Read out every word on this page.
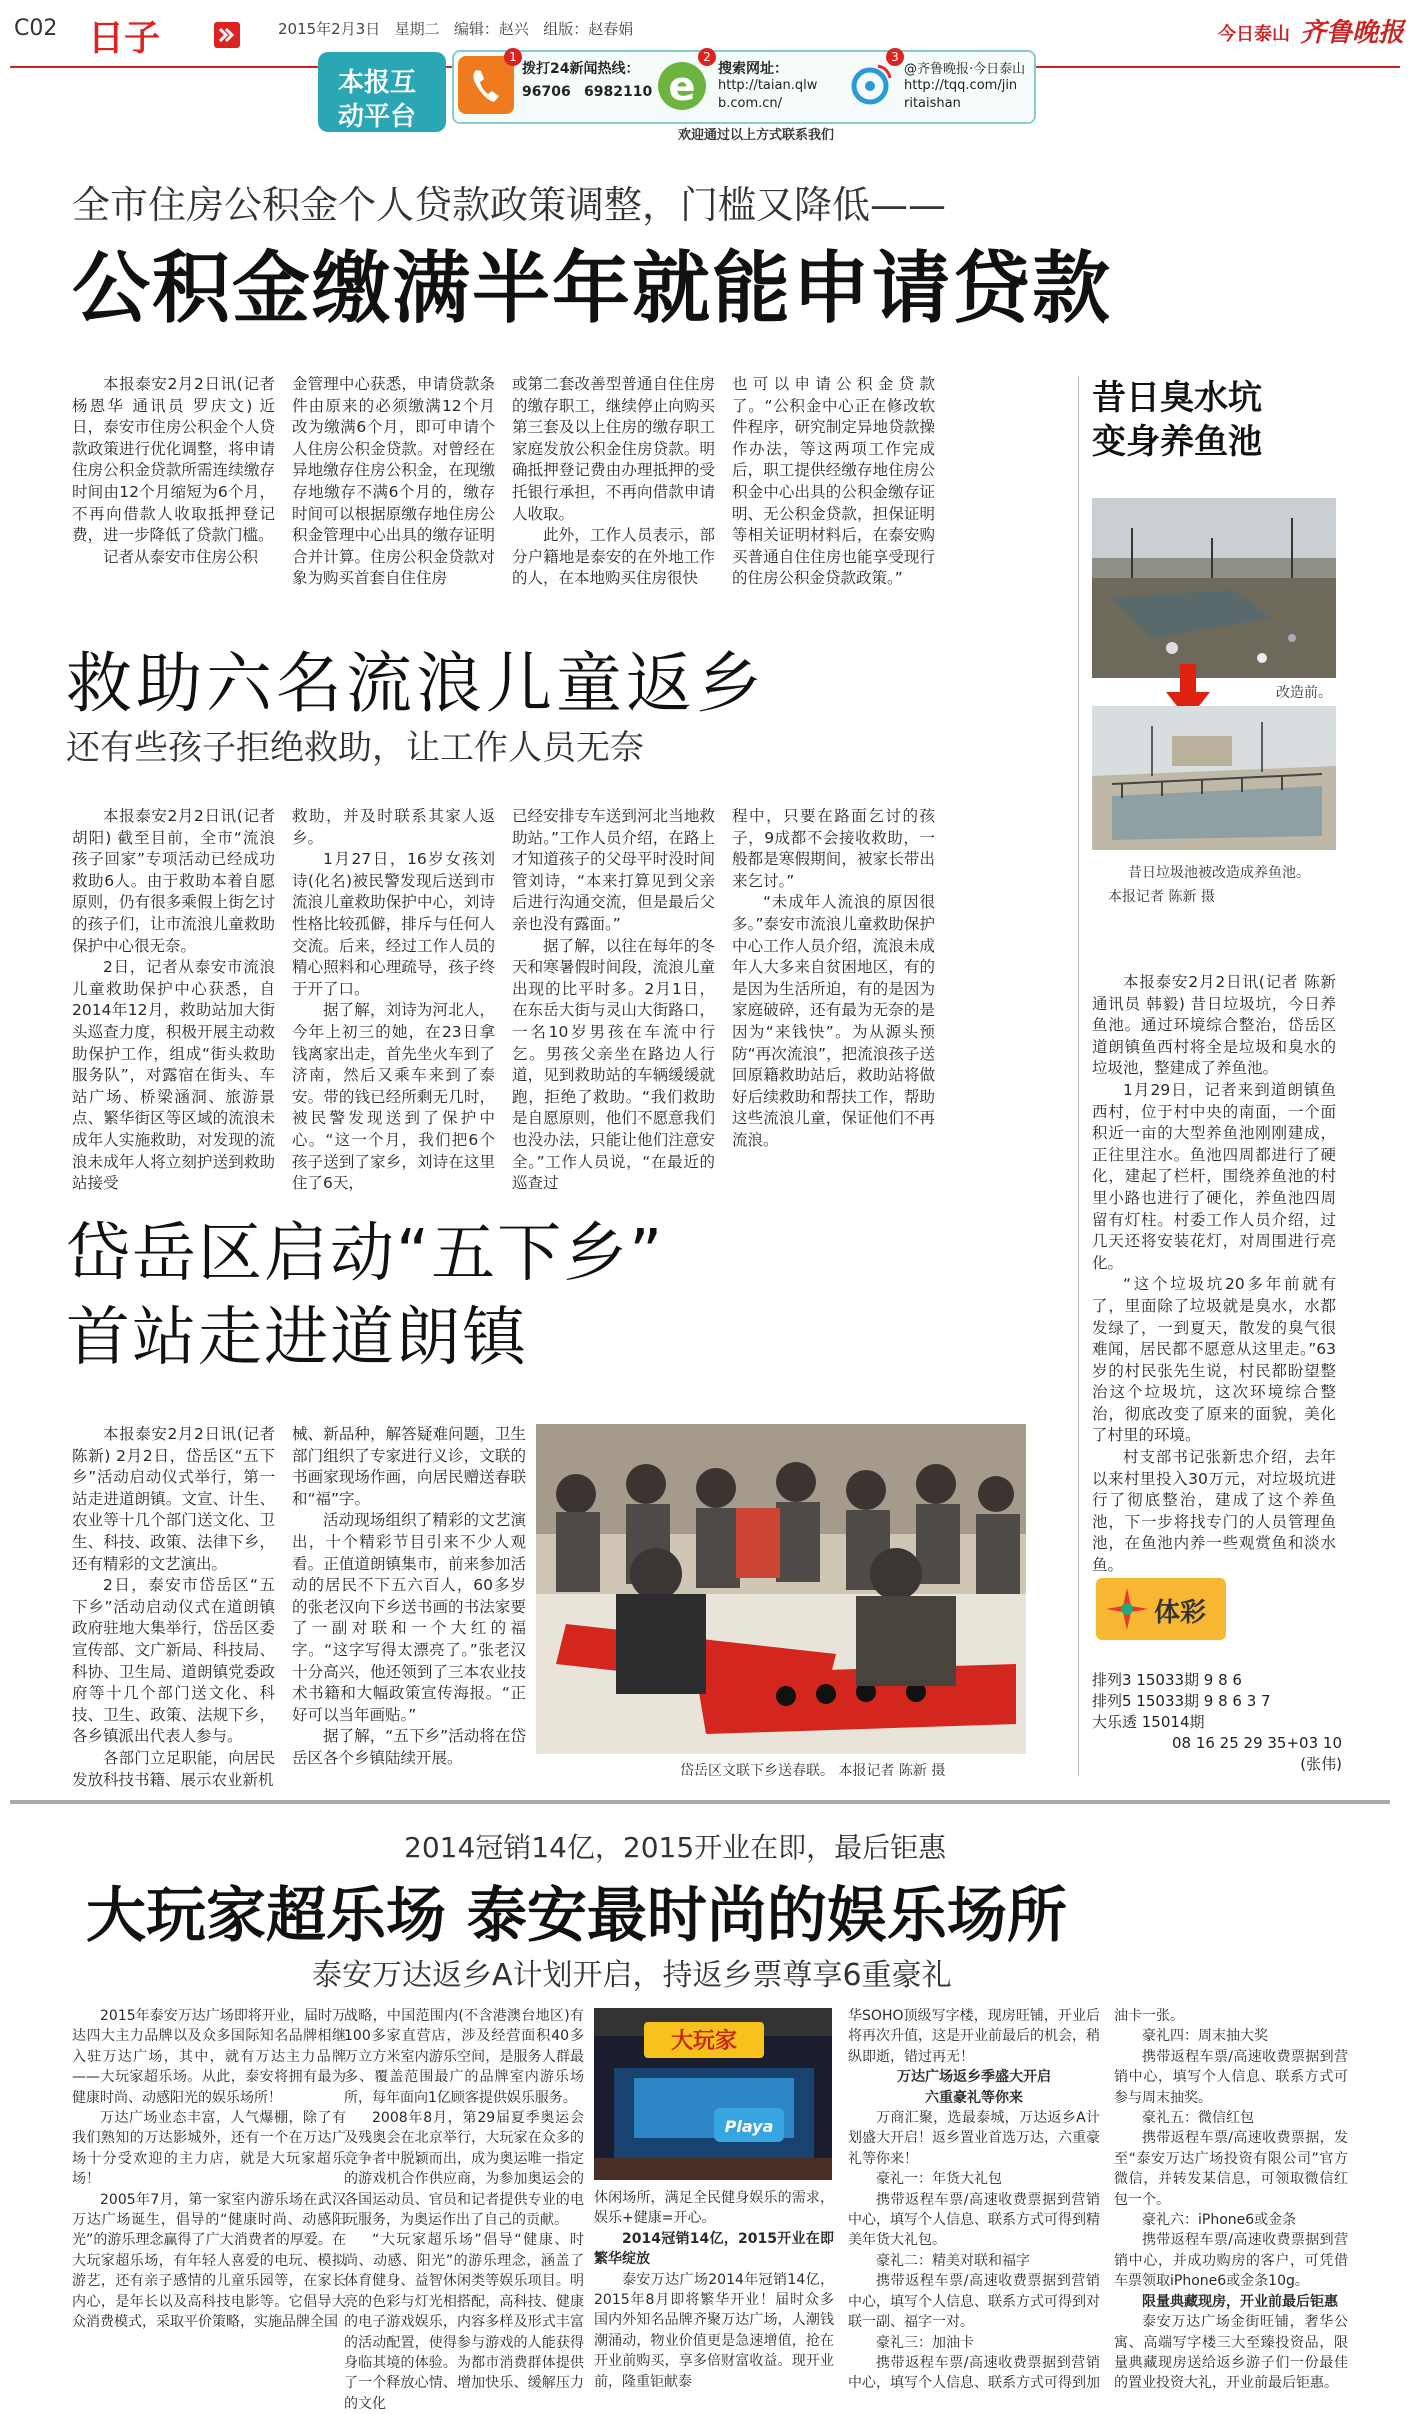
C02 日子	2015年2月3日 星期二 编辑：赵兴 组版：赵春娟	今日泰山 齐鲁晚报
本报互
动平台
1
拨打24新闻热线：
96706 6982110 e
2
搜索网址：
http://taian.qlw
b.com.cn/
3
@齐鲁晚报·今日泰山
http://tqq.com/jin
ritaishan
欢迎通过以上方式联系我们
全市住房公积金个人贷款政策调整，门槛又降低——
公积金缴满半年就能申请贷款

本报泰安2月2日讯(记者 杨恩华 通讯员 罗庆文) 近日，泰安市住房公积金个人贷款政策进行优化调整，将申请住房公积金贷款所需连续缴存时间由12个月缩短为6个月，不再向借款人收取抵押登记费，进一步降低了贷款门槛。

记者从泰安市住房公积

金管理中心获悉，申请贷款条件由原来的必须缴满12个月改为缴满6个月，即可申请个人住房公积金贷款。对曾经在异地缴存住房公积金，在现缴存地缴存不满6个月的，缴存时间可以根据原缴存地住房公积金管理中心出具的缴存证明合并计算。住房公积金贷款对象为购买首套自住住房

或第二套改善型普通自住住房的缴存职工，继续停止向购买第三套及以上住房的缴存职工家庭发放公积金住房贷款。明确抵押登记费由办理抵押的受托银行承担，不再向借款申请人收取。

此外，工作人员表示，部分户籍地是泰安的在外地工作的人，在本地购买住房很快

也可以申请公积金贷款了。“公积金中心正在修改软件程序，研究制定异地贷款操作办法，等这两项工作完成后，职工提供经缴存地住房公积金中心出具的公积金缴存证明、无公积金贷款，担保证明等相关证明材料后，在泰安购买普通自住住房也能享受现行的住房公积金贷款政策。”

救助六名流浪儿童返乡
还有些孩子拒绝救助，让工作人员无奈

本报泰安2月2日讯(记者 胡阳) 截至目前，全市“流浪孩子回家”专项活动已经成功救助6人。由于救助本着自愿原则，仍有很多乘假上街乞讨的孩子们，让市流浪儿童救助保护中心很无奈。

2日，记者从泰安市流浪儿童救助保护中心获悉，自2014年12月，救助站加大街头巡查力度，积极开展主动救助保护工作，组成“街头救助服务队”，对露宿在街头、车站广场、桥梁涵洞、旅游景点、繁华街区等区域的流浪未成年人实施救助，对发现的流浪未成年人将立刻护送到救助站接受

救助，并及时联系其家人返乡。

1月27日，16岁女孩刘诗(化名)被民警发现后送到市流浪儿童救助保护中心，刘诗性格比较孤僻，排斥与任何人交流。后来，经过工作人员的精心照料和心理疏导，孩子终于开了口。

据了解，刘诗为河北人，今年上初三的她，在23日拿钱离家出走，首先坐火车到了济南，然后又乘车来到了泰安。带的钱已经所剩无几时，被民警发现送到了保护中心。“这一个月，我们把6个孩子送到了家乡，刘诗在这里住了6天，

已经安排专车送到河北当地救助站。”工作人员介绍，在路上才知道孩子的父母平时没时间管刘诗，“本来打算见到父亲后进行沟通交流，但是最后父亲也没有露面。”

据了解，以往在每年的冬天和寒暑假时间段，流浪儿童出现的比平时多。2月1日，在东岳大街与灵山大街路口，一名10岁男孩在车流中行乞。男孩父亲坐在路边人行道，见到救助站的车辆缓缓就跑，拒绝了救助。“我们救助是自愿原则，他们不愿意我们也没办法，只能让他们注意安全。”工作人员说，“在最近的巡查过

程中，只要在路面乞讨的孩子，9成都不会接收救助，一般都是寒假期间，被家长带出来乞讨。”

“未成年人流浪的原因很多。”泰安市流浪儿童救助保护中心工作人员介绍，流浪未成年人大多来自贫困地区，有的是因为生活所迫，有的是因为家庭破碎，还有最为无奈的是因为“来钱快”。为从源头预防“再次流浪”，把流浪孩子送回原籍救助站后，救助站将做好后续救助和帮扶工作，帮助这些流浪儿童，保证他们不再流浪。

昔日臭水坑
变身养鱼池
改造前。
昔日垃圾池被改造成养鱼池。
本报记者 陈新 摄

本报泰安2月2日讯(记者 陈新 通讯员 韩毅) 昔日垃圾坑，今日养鱼池。通过环境综合整治，岱岳区道朗镇鱼西村将全是垃圾和臭水的垃圾池，整建成了养鱼池。

1月29日，记者来到道朗镇鱼西村，位于村中央的南面，一个面积近一亩的大型养鱼池刚刚建成，正往里注水。鱼池四周都进行了硬化，建起了栏杆，围绕养鱼池的村里小路也进行了硬化，养鱼池四周留有灯柱。村委工作人员介绍，过几天还将安装花灯，对周围进行亮化。

“这个垃圾坑20多年前就有了，里面除了垃圾就是臭水，水都发绿了，一到夏天，散发的臭气很难闻，居民都不愿意从这里走。”63岁的村民张先生说，村民都盼望整治这个垃圾坑，这次环境综合整治，彻底改变了原来的面貌，美化了村里的环境。

村支部书记张新忠介绍，去年以来村里投入30万元，对垃圾坑进行了彻底整治，建成了这个养鱼池，下一步将找专门的人员管理鱼池，在鱼池内养一些观赏鱼和淡水鱼。

体彩
排列3 15033期 9 8 6
排列5 15033期 9 8 6 3 7
大乐透 15014期
08 16 25 29 35+03 10
(张伟)
岱岳区启动“五下乡”
首站走进道朗镇

本报泰安2月2日讯(记者 陈新) 2月2日，岱岳区“五下乡”活动启动仪式举行，第一站走进道朗镇。文宣、计生、农业等十几个部门送文化、卫生、科技、政策、法律下乡，还有精彩的文艺演出。

2日，泰安市岱岳区“五下乡”活动启动仪式在道朗镇政府驻地大集举行，岱岳区委宣传部、文广新局、科技局、科协、卫生局、道朗镇党委政府等十几个部门送文化、科技、卫生、政策、法规下乡，各乡镇派出代表人参与。

各部门立足职能，向居民发放科技书籍、展示农业新机

械、新品种，解答疑难问题，卫生部门组织了专家进行义诊，文联的书画家现场作画，向居民赠送春联和“福”字。

活动现场组织了精彩的文艺演出，十个精彩节目引来不少人观看。正值道朗镇集市，前来参加活动的居民不下五六百人，60多岁的张老汉向下乡送书画的书法家要了一副对联和一个大红的福字。“这字写得太漂亮了。”张老汉十分高兴，他还领到了三本农业技术书籍和大幅政策宣传海报。“正好可以当年画贴。”

据了解，“五下乡”活动将在岱岳区各个乡镇陆续开展。

岱岳区文联下乡送春联。 本报记者 陈新 摄
2014冠销14亿，2015开业在即，最后钜惠
大玩家超乐场 泰安最时尚的娱乐场所
泰安万达返乡A计划开启，持返乡票尊享6重豪礼

2015年泰安万达广场即将开业，届时万达四大主力品牌以及众多国际知名品牌相继入驻万达广场，其中，就有万达主力品牌——大玩家超乐场。从此，泰安将拥有最为健康时尚、动感阳光的娱乐场所！

万达广场业态丰富，人气爆棚，除了有我们熟知的万达影城外，还有一个在万达广场十分受欢迎的主力店，就是大玩家超乐场！

2005年7月，第一家室内游乐场在武汉万达广场诞生，倡导的“健康时尚、动感阳光”的游乐理念赢得了广大消费者的厚爱。在大玩家超乐场，有年轻人喜爱的电玩、模拟游艺，还有亲子感情的儿童乐园等，在家长内心，是年长以及高科技电影等。它倡导大众消费模式，采取平价策略，实施品牌全国

战略，中国范围内(不含港澳台地区)有100多家直营店，涉及经营面积40多万立方米室内游乐空间，是服务人群最多、覆盖范围最广的品牌室内游乐场所，每年面向1亿顾客提供娱乐服务。

2008年8月，第29届夏季奥运会及残奥会在北京举行，大玩家在众多的竞争者中脱颖而出，成为奥运唯一指定的游戏机合作供应商，为参加奥运会的各国运动员、官员和记者提供专业的电玩服务，为奥运作出了自己的贡献。

“大玩家超乐场”倡导“健康、时尚、动感、阳光”的游乐理念，涵盖了体育健身、益智休闲类等娱乐项目。明亮的色彩与灯光相搭配，高科技、健康的电子游戏娱乐，内容多样及形式丰富的活动配置，使得参与游戏的人能获得身临其境的体验。为都市消费群体提供了一个释放心情、增加快乐、缓解压力的文化

大玩家
Playa

休闲场所，满足全民健身娱乐的需求，娱乐+健康=开心。

2014冠销14亿，2015开业在即 繁华绽放

泰安万达广场2014年冠销14亿，2015年8月即将繁华开业！届时众多国内外知名品牌齐聚万达广场，人潮钱潮涌动，物业价值更是急速增值，抢在开业前购买，享多倍财富收益。现开业前，隆重钜献泰

华SOHO顶级写字楼，现房旺铺，开业后将再次升值，这是开业前最后的机会，稍纵即逝，错过再无！

万达广场返乡季盛大开启

六重豪礼等你来

万商汇聚，选最泰城，万达返乡A计划盛大开启！返乡置业首选万达，六重豪礼等你来！

豪礼一：年货大礼包

携带返程车票/高速收费票据到营销中心，填写个人信息、联系方式可得到精美年货大礼包。

豪礼二：精美对联和福字

携带返程车票/高速收费票据到营销中心，填写个人信息、联系方式可得到对联一副、福字一对。

豪礼三：加油卡

携带返程车票/高速收费票据到营销中心，填写个人信息、联系方式可得到加

油卡一张。

豪礼四：周末抽大奖

携带返程车票/高速收费票据到营销中心，填写个人信息、联系方式可参与周末抽奖。

豪礼五：微信红包

携带返程车票/高速收费票据，发至“泰安万达广场投资有限公司”官方微信，并转发某信息，可领取微信红包一个。

豪礼六：iPhone6或金条

携带返程车票/高速收费票据到营销中心，并成功购房的客户，可凭借车票领取iPhone6或金条10g。

限量典藏现房，开业前最后钜惠

泰安万达广场金街旺铺，奢华公寓、高端写字楼三大至臻投资品，限量典藏现房送给返乡游子们一份最佳的置业投资大礼，开业前最后钜惠。
